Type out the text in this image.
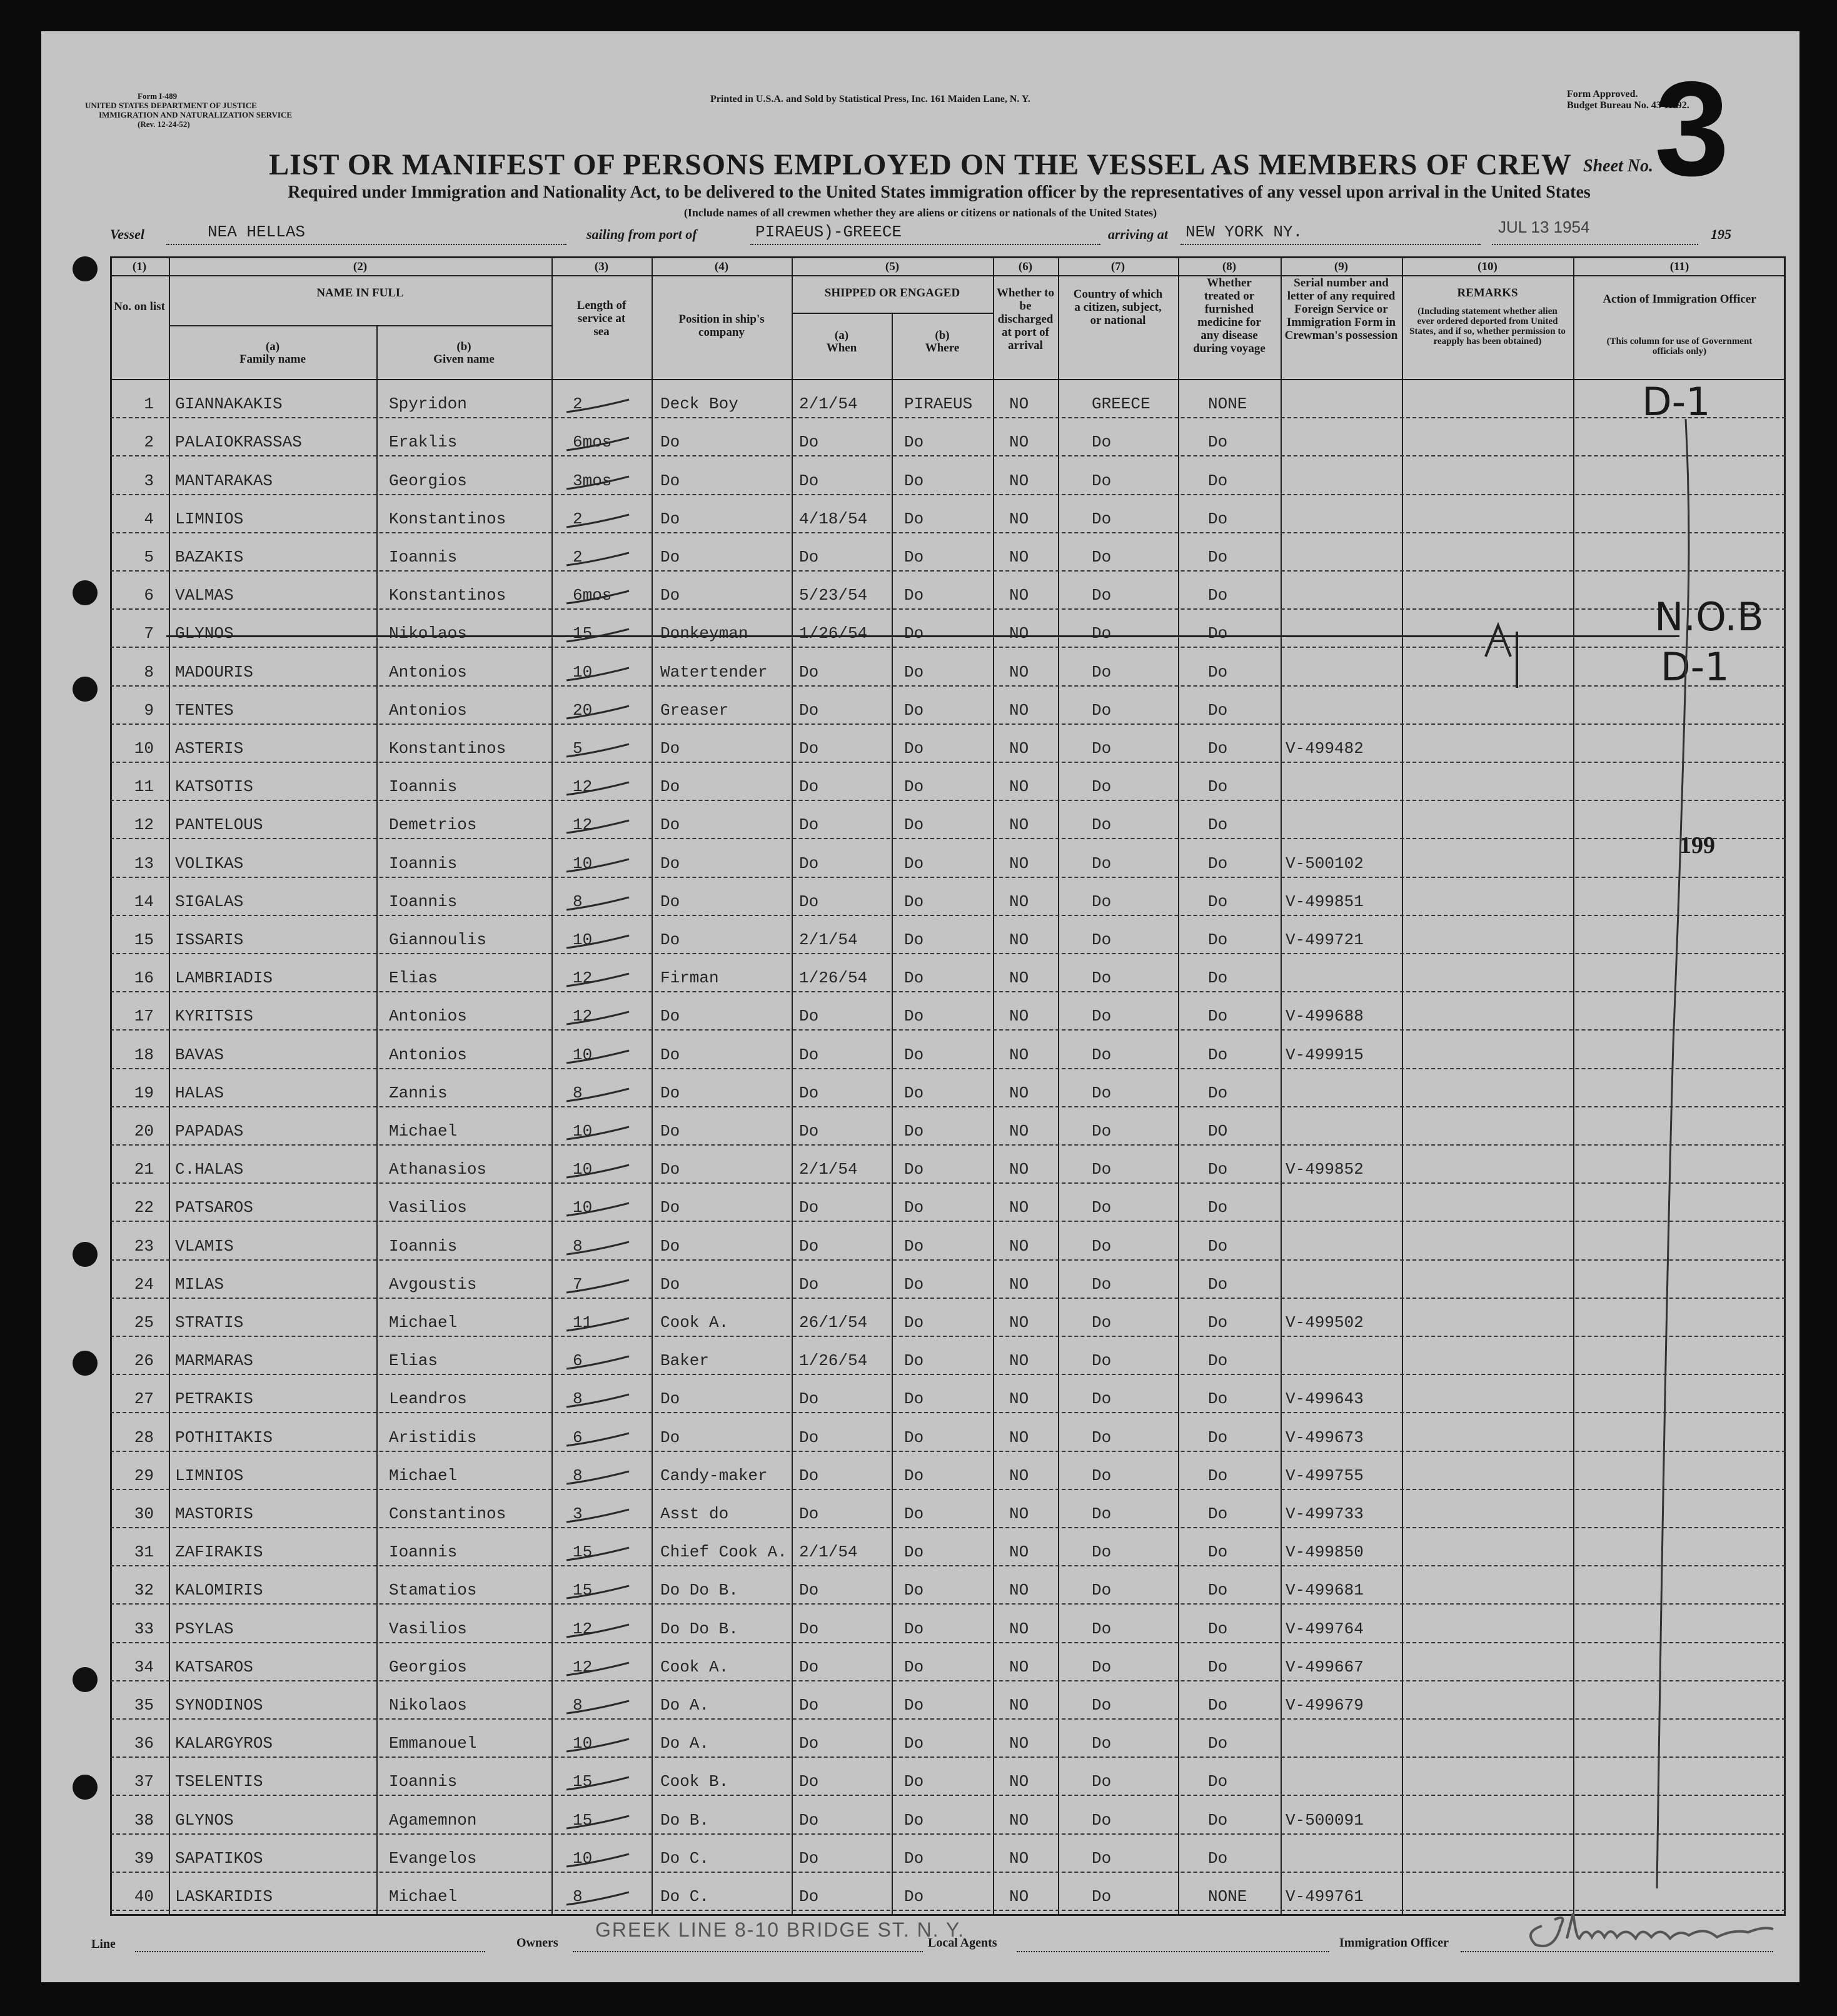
Form I-489
UNITED STATES DEPARTMENT OF JUSTICE
IMMIGRATION AND NATURALIZATION SERVICE
(Rev. 12-24-52)
Printed in U.S.A. and Sold by Statistical Press, Inc. 161 Maiden Lane, N. Y.	Form Approved.
Budget Bureau No. 43-R092.
3
Sheet No.
LIST OR MANIFEST OF PERSONS EMPLOYED ON THE VESSEL AS MEMBERS OF CREW
Required under Immigration and Nationality Act, to be delivered to the United States immigration officer by the representatives of any vessel upon arrival in the United States
(Include names of all crewmen whether they are aliens or citizens or nationals of the United States)
Vessel	NEA HELLAS	sailing from port of	PIRAEUS)-GREECE	arriving at NEW YORK NY.	JUL 13 1954	195
(1)	(2)	(3)	(4)	(5)	(6)	(7)	(8)	(9)	(10)	(11)
No. on list
NAME IN FULL
(a)
Family name
(b)
Given name
Length of service at sea
Position in ship's company
SHIPPED OR ENGAGED
(a)
When
(b)
Where
Whether to be discharged at port of arrival
Country of which a citizen, subject, or national
Whether treated or furnished medicine for any disease during voyage
Serial number and letter of any required Foreign Service or Immigration Form in Crewman's possession
REMARKS
(Including statement whether alien ever ordered deported from United States, and if so, whether permission to reapply has been obtained)
Action of Immigration Officer
(This column for use of Government officials only)
1 GIANNAKAKIS	Spyridon	2	Deck Boy	2/1/54	PIRAEUS NO	GREECE	NONE
2 PALAIOKRASSAS	Eraklis	6mos	Do	Do	Do	NO	Do	Do
3 MANTARAKAS	Georgios	3mos	Do	Do	Do	NO	Do	Do
4 LIMNIOS	Konstantinos	2	Do	4/18/54 Do	NO	Do	Do
5 BAZAKIS	Ioannis	2	Do	Do	Do	NO	Do	Do
6 VALMAS	Konstantinos	6mos	Do	5/23/54 Do	NO	Do	Do
7 GLYNOS	Nikolaos	15	Donkeyman	1/26/54 Do	NO	Do	Do
8 MADOURIS	Antonios	10	Watertender Do	Do	NO	Do	Do
9 TENTES	Antonios	20	Greaser	Do	Do	NO	Do	Do
10 ASTERIS	Konstantinos	5	Do	Do	Do	NO	Do	Do	V-499482
11 KATSOTIS	Ioannis	12	Do	Do	Do	NO	Do	Do
12 PANTELOUS	Demetrios	12	Do	Do	Do	NO	Do	Do
13 VOLIKAS	Ioannis	10	Do	Do	Do	NO	Do	Do	V-500102
14 SIGALAS	Ioannis	8	Do	Do	Do	NO	Do	Do	V-499851
15 ISSARIS	Giannoulis	10	Do	2/1/54	Do	NO	Do	Do	V-499721
16 LAMBRIADIS	Elias	12	Firman	1/26/54 Do	NO	Do	Do
17 KYRITSIS	Antonios	12	Do	Do	Do	NO	Do	Do	V-499688
18 BAVAS	Antonios	10	Do	Do	Do	NO	Do	Do	V-499915
19 HALAS	Zannis	8	Do	Do	Do	NO	Do	Do
20 PAPADAS	Michael	10	Do	Do	Do	NO	Do	DO
21 C.HALAS	Athanasios	10	Do	2/1/54	Do	NO	Do	Do	V-499852
22 PATSAROS	Vasilios	10	Do	Do	Do	NO	Do	Do
23 VLAMIS	Ioannis	8	Do	Do	Do	NO	Do	Do
24 MILAS	Avgoustis	7	Do	Do	Do	NO	Do	Do
25 STRATIS	Michael	11	Cook A.	26/1/54 Do	NO	Do	Do	V-499502
26 MARMARAS	Elias	6	Baker	1/26/54 Do	NO	Do	Do
27 PETRAKIS	Leandros	8	Do	Do	Do	NO	Do	Do	V-499643
28 POTHITAKIS	Aristidis	6	Do	Do	Do	NO	Do	Do	V-499673
29 LIMNIOS	Michael	8	Candy-maker Do	Do	NO	Do	Do	V-499755
30 MASTORIS	Constantinos	3	Asst do	Do	Do	NO	Do	Do	V-499733
31 ZAFIRAKIS	Ioannis	15	Chief Cook A. 2/1/54	Do	NO	Do	Do	V-499850
32 KALOMIRIS	Stamatios	15	Do Do B.	Do	Do	NO	Do	Do	V-499681
33 PSYLAS	Vasilios	12	Do Do B.	Do	Do	NO	Do	Do	V-499764
34 KATSAROS	Georgios	12	Cook A.	Do	Do	NO	Do	Do	V-499667
35 SYNODINOS	Nikolaos	8	Do A.	Do	Do	NO	Do	Do	V-499679
36 KALARGYROS	Emmanouel	10	Do A.	Do	Do	NO	Do	Do
37 TSELENTIS	Ioannis	15	Cook B.	Do	Do	NO	Do	Do
38 GLYNOS	Agamemnon	15	Do B.	Do	Do	NO	Do	Do	V-500091
39 SAPATIKOS	Evangelos	10	Do C.	Do	Do	NO	Do	Do
40 LASKARIDIS	Michael	8	Do C.	Do	Do	NO	Do	NONE V-499761
D-1
N.O.B
D-1
199
Line	Owners
GREEK LINE 8-10 BRIDGE ST. N. Y.
Local Agents	Immigration Officer
